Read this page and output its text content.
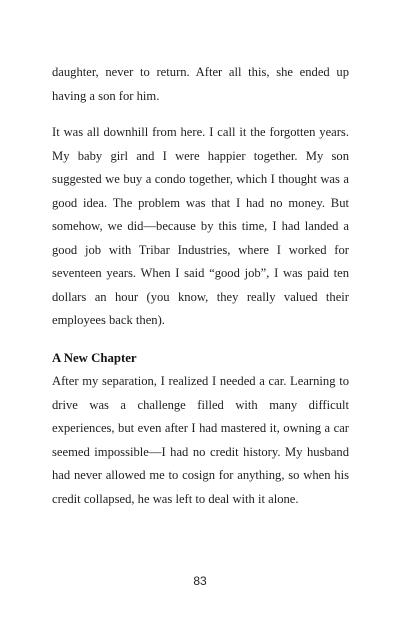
daughter, never to return. After all this, she ended up having a son for him.

It was all downhill from here. I call it the forgotten years. My baby girl and I were happier together. My son suggested we buy a condo together, which I thought was a good idea. The problem was that I had no money. But somehow, we did—because by this time, I had landed a good job with Tribar Industries, where I worked for seventeen years. When I said “good job”, I was paid ten dollars an hour (you know, they really valued their employees back then).

A New Chapter

After my separation, I realized I needed a car. Learning to drive was a challenge filled with many difficult experiences, but even after I had mastered it, owning a car seemed impossible—I had no credit history. My husband had never allowed me to cosign for anything, so when his credit collapsed, he was left to deal with it alone.

83
